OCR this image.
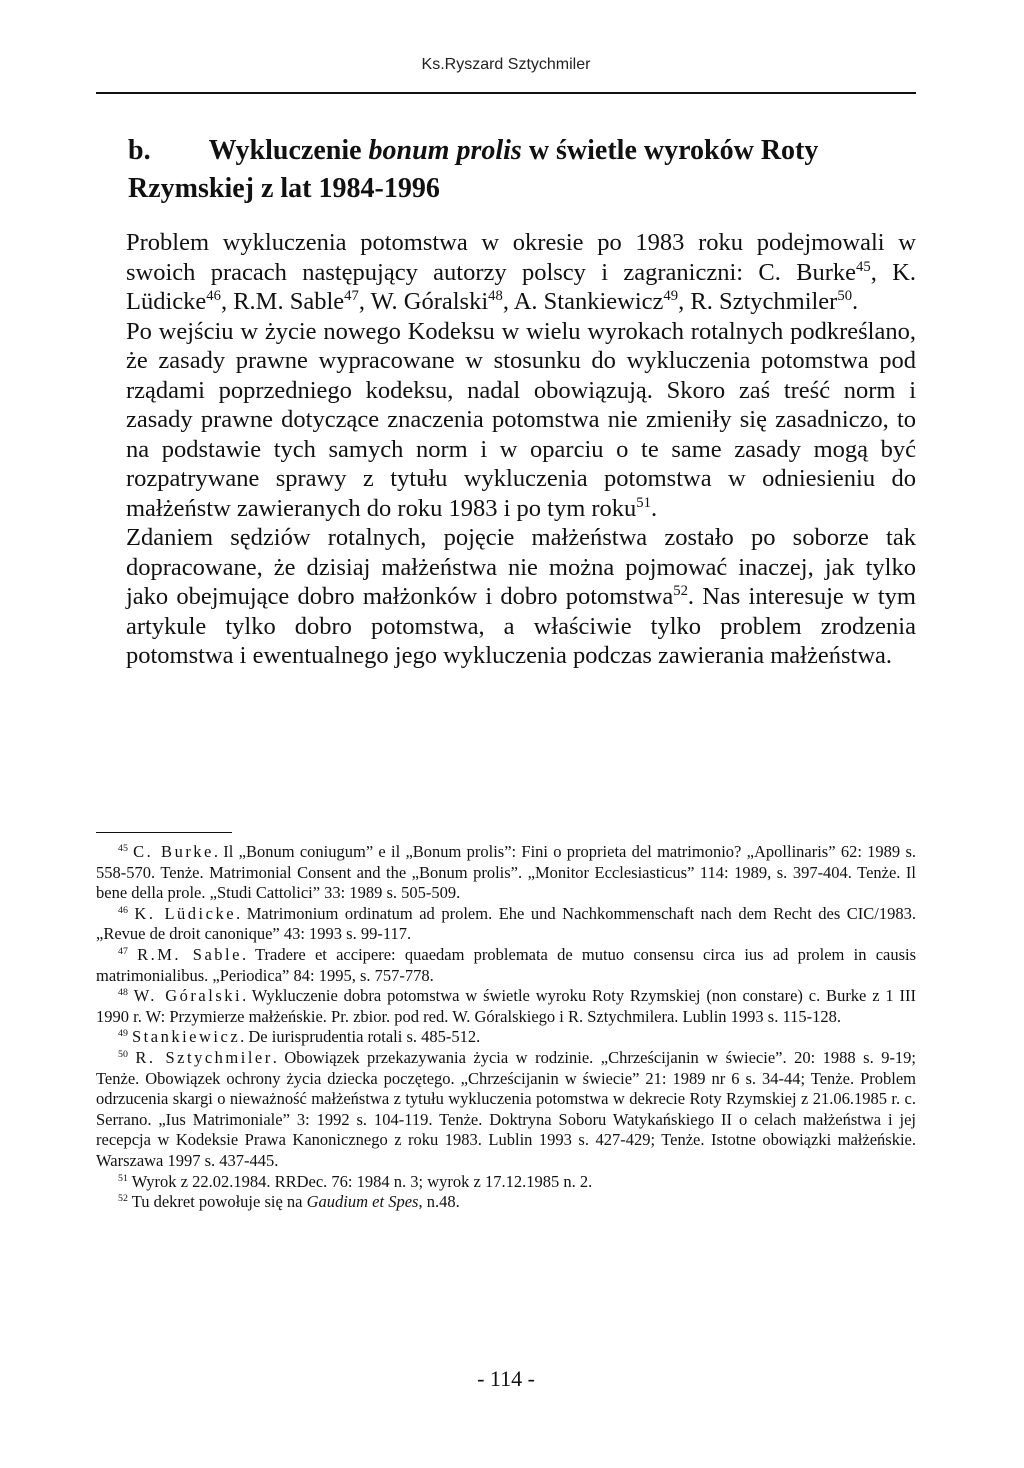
Ks.Ryszard Sztychmiler
b. Wykluczenie bonum prolis w świetle wyroków Roty Rzymskiej z lat 1984-1996

Problem wykluczenia potomstwa w okresie po 1983 roku podejmowali w swoich pracach następujący autorzy polscy i zagraniczni: C. Burke$^{45}$, K. Lüdicke$^{46}$, R.M. Sable$^{47}$, W. Góralski$^{48}$, A. Stankiewicz$^{49}$, R. Sztychmiler$^{50}$.

Po wejściu w życie nowego Kodeksu w wielu wyrokach rotalnych podkreślano, że zasady prawne wypracowane w stosunku do wykluczenia potomstwa pod rządami poprzedniego kodeksu, nadal obowiązują. Skoro zaś treść norm i zasady prawne dotyczące znaczenia potomstwa nie zmieniły się zasadniczo, to na podstawie tych samych norm i w oparciu o te same zasady mogą być rozpatrywane sprawy z tytułu wykluczenia potomstwa w odniesieniu do małżeństw zawieranych do roku 1983 i po tym roku$^{51}$.

Zdaniem sędziów rotalnych, pojęcie małżeństwa zostało po soborze tak dopracowane, że dzisiaj małżeństwa nie można pojmować inaczej, jak tylko jako obejmujące dobro małżonków i dobro potomstwa$^{52}$. Nas interesuje w tym artykule tylko dobro potomstwa, a właściwie tylko problem zrodzenia potomstwa i ewentualnego jego wykluczenia podczas zawierania małżeństwa.

$^{45}$ C. Burke. Il „Bonum coniugum” e il „Bonum prolis”: Fini o proprieta del matrimonio? „Apollinaris” 62: 1989 s. 558-570. Tenże. Matrimonial Consent and the „Bonum prolis”. „Monitor Ecclesiasticus” 114: 1989, s. 397-404. Tenże. Il bene della prole. „Studi Cattolici” 33: 1989 s. 505-509.

$^{46}$ K. Lüdicke. Matrimonium ordinatum ad prolem. Ehe und Nachkommenschaft nach dem Recht des CIC/1983. „Revue de droit canonique” 43: 1993 s. 99-117.

$^{47}$ R.M. Sable. Tradere et accipere: quaedam problemata de mutuo consensu circa ius ad prolem in causis matrimonialibus. „Periodica” 84: 1995, s. 757-778.

$^{48}$ W. Góralski. Wykluczenie dobra potomstwa w świetle wyroku Roty Rzymskiej (non constare) c. Burke z 1 III 1990 r. W: Przymierze małżeńskie. Pr. zbior. pod red. W. Góralskiego i R. Sztychmilera. Lublin 1993 s. 115-128.

$^{49}$ Stankiewicz. De iurisprudentia rotali s. 485-512.

$^{50}$ R. Sztychmiler. Obowiązek przekazywania życia w rodzinie. „Chrześcijanin w świecie”. 20: 1988 s. 9-19; Tenże. Obowiązek ochrony życia dziecka poczętego. „Chrześcijanin w świecie” 21: 1989 nr 6 s. 34-44; Tenże. Problem odrzucenia skargi o nieważność małżeństwa z tytułu wykluczenia potomstwa w dekrecie Roty Rzymskiej z 21.06.1985 r. c. Serrano. „Ius Matrimoniale” 3: 1992 s. 104-119. Tenże. Doktryna Soboru Watykańskiego II o celach małżeństwa i jej recepcja w Kodeksie Prawa Kanonicznego z roku 1983. Lublin 1993 s. 427-429; Tenże. Istotne obowiązki małżeńskie. Warszawa 1997 s. 437-445.

$^{51}$ Wyrok z 22.02.1984. RRDec. 76: 1984 n. 3; wyrok z 17.12.1985 n. 2.

$^{52}$ Tu dekret powołuje się na Gaudium et Spes, n.48.

- 114 -
